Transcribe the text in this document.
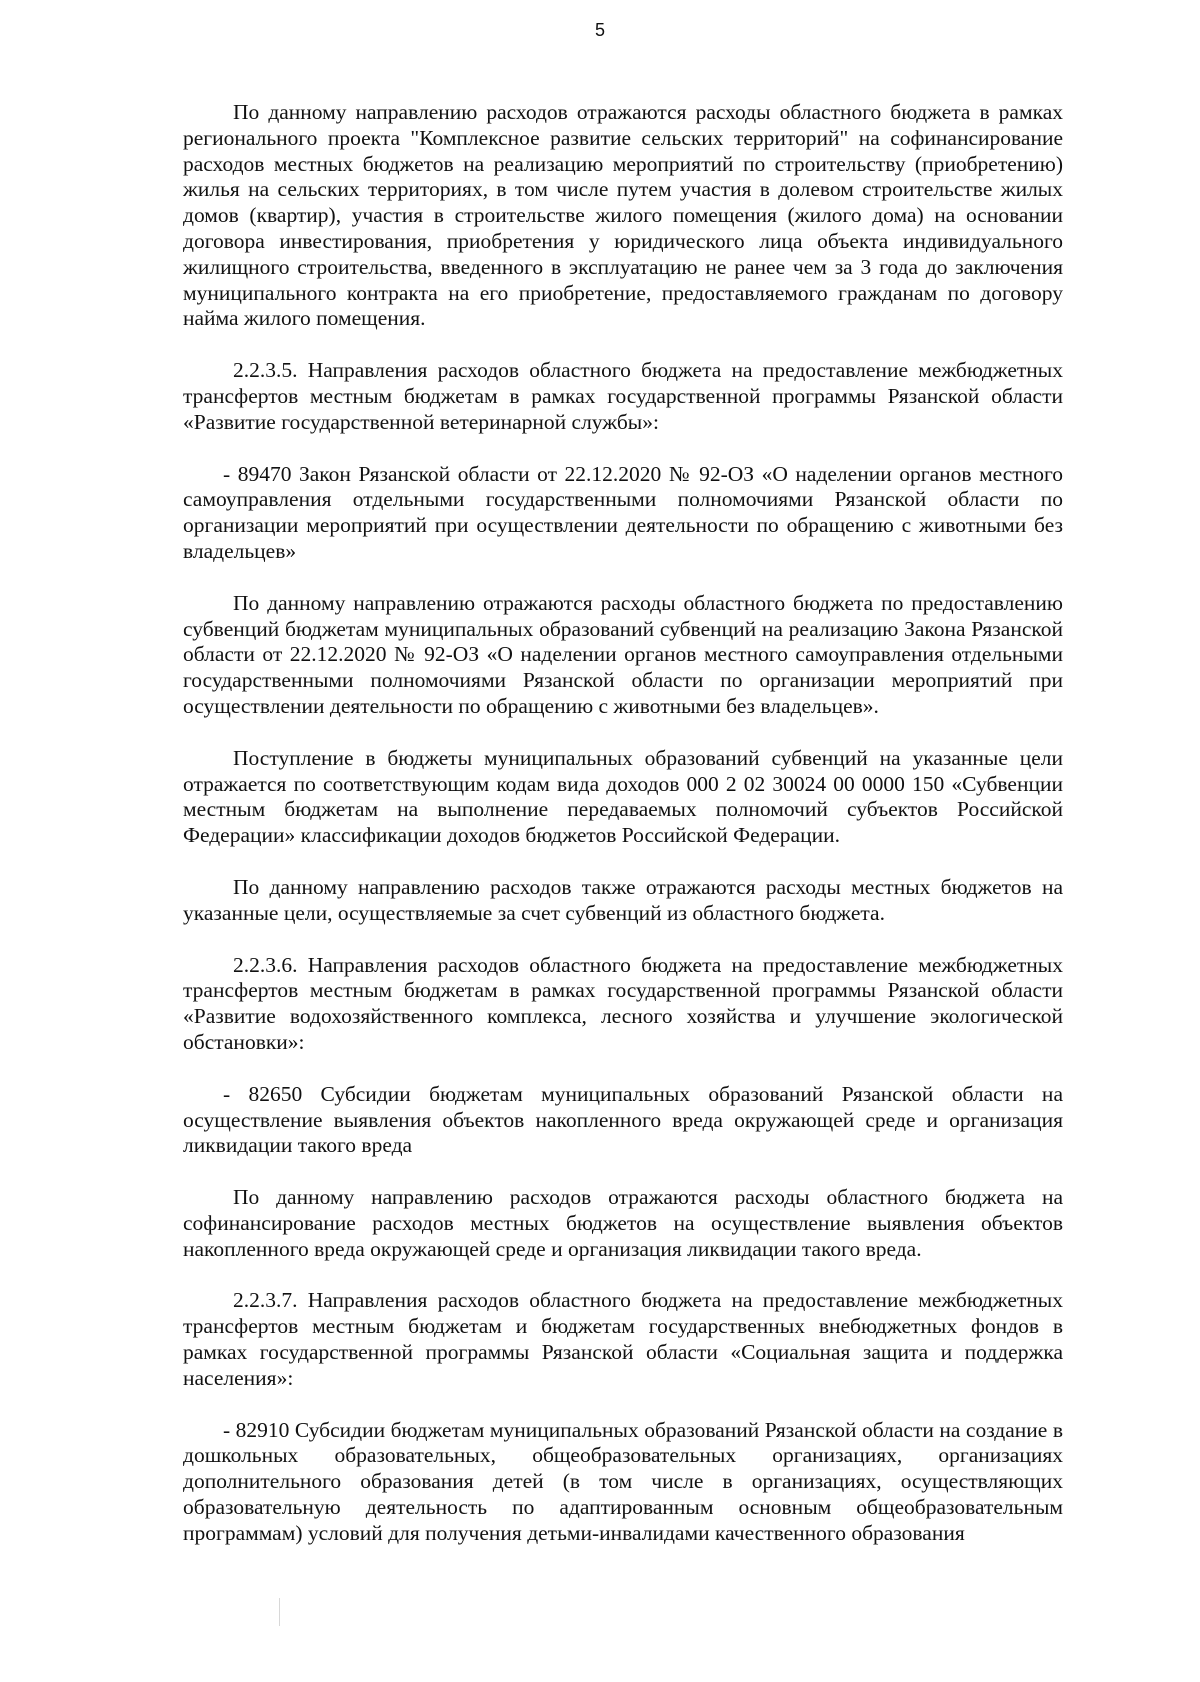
5

По данному направлению расходов отражаются расходы областного бюджета в рамках регионального проекта "Комплексное развитие сельских территорий" на софинансирование расходов местных бюджетов на реализацию мероприятий по строительству (приобретению) жилья на сельских территориях, в том числе путем участия в долевом строительстве жилых домов (квартир), участия в строительстве жилого помещения (жилого дома) на основании договора инвестирования, приобретения у юридического лица объекта индивидуального жилищного строительства, введенного в эксплуатацию не ранее чем за 3 года до заключения муниципального контракта на его приобретение, предоставляемого гражданам по договору найма жилого помещения.

2.2.3.5. Направления расходов областного бюджета на предоставление межбюджетных трансфертов местным бюджетам в рамках государственной программы Рязанской области «Развитие государственной ветеринарной службы»:

- 89470 Закон Рязанской области от 22.12.2020 № 92-ОЗ «О наделении органов местного самоуправления отдельными государственными полномочиями Рязанской области по организации мероприятий при осуществлении деятельности по обращению с животными без владельцев»

По данному направлению отражаются расходы областного бюджета по предоставлению субвенций бюджетам муниципальных образований субвенций на реализацию Закона Рязанской области от 22.12.2020 № 92-ОЗ «О наделении органов местного самоуправления отдельными государственными полномочиями Рязанской области по организации мероприятий при осуществлении деятельности по обращению с животными без владельцев».

Поступление в бюджеты муниципальных образований субвенций на указанные цели отражается по соответствующим кодам вида доходов 000 2 02 30024 00 0000 150 «Субвенции местным бюджетам на выполнение передаваемых полномочий субъектов Российской Федерации» классификации доходов бюджетов Российской Федерации.

По данному направлению расходов также отражаются расходы местных бюджетов на указанные цели, осуществляемые за счет субвенций из областного бюджета.

2.2.3.6. Направления расходов областного бюджета на предоставление межбюджетных трансфертов местным бюджетам в рамках государственной программы Рязанской области «Развитие водохозяйственного комплекса, лесного хозяйства и улучшение экологической обстановки»:

- 82650 Субсидии бюджетам муниципальных образований Рязанской области на осуществление выявления объектов накопленного вреда окружающей среде и организация ликвидации такого вреда

По данному направлению расходов отражаются расходы областного бюджета на софинансирование расходов местных бюджетов на осуществление выявления объектов накопленного вреда окружающей среде и организация ликвидации такого вреда.

2.2.3.7. Направления расходов областного бюджета на предоставление межбюджетных трансфертов местным бюджетам и бюджетам государственных внебюджетных фондов в рамках государственной программы Рязанской области «Социальная защита и поддержка населения»:

- 82910 Субсидии бюджетам муниципальных образований Рязанской области на создание в дошкольных образовательных, общеобразовательных организациях, организациях дополнительного образования детей (в том числе в организациях, осуществляющих образовательную деятельность по адаптированным основным общеобразовательным программам) условий для получения детьми-инвалидами качественного образования
